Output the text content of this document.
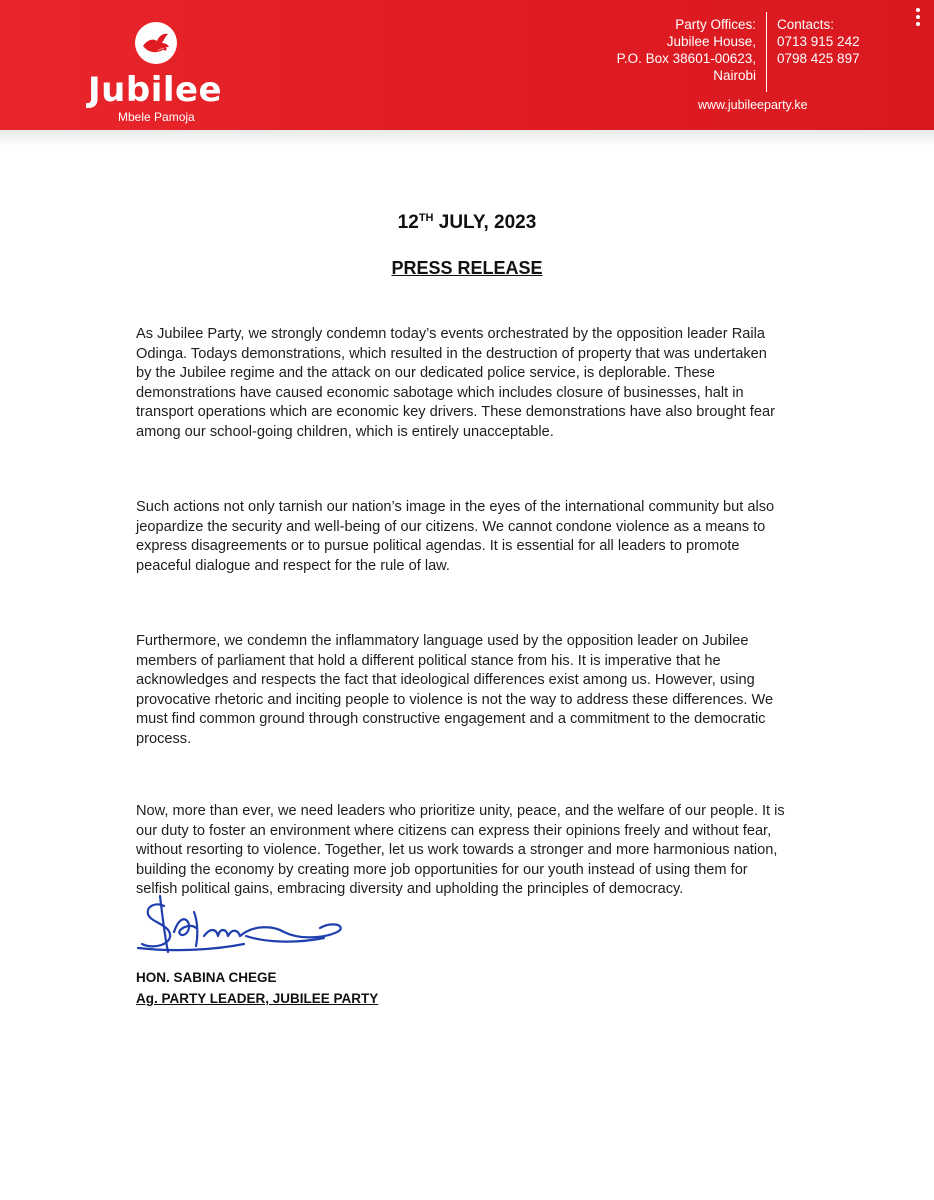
Jubilee
Mbele Pamoja
Party Offices:
Jubilee House,
P.O. Box 38601-00623,
Nairobi
Contacts:
0713 915 242
0798 425 897
www.jubileeparty.ke
12TH JULY, 2023
PRESS RELEASE
As Jubilee Party, we strongly condemn today’s events orchestrated by the opposition leader Raila
Odinga. Todays demonstrations, which resulted in the destruction of property that was undertaken
by the Jubilee regime and the attack on our dedicated police service, is deplorable. These
demonstrations have caused economic sabotage which includes closure of businesses, halt in
transport operations which are economic key drivers. These demonstrations have also brought fear
among our school-going children, which is entirely unacceptable.
Such actions not only tarnish our nation’s image in the eyes of the international community but also
jeopardize the security and well-being of our citizens. We cannot condone violence as a means to
express disagreements or to pursue political agendas. It is essential for all leaders to promote
peaceful dialogue and respect for the rule of law.
Furthermore, we condemn the inflammatory language used by the opposition leader on Jubilee
members of parliament that hold a different political stance from his. It is imperative that he
acknowledges and respects the fact that ideological differences exist among us. However, using
provocative rhetoric and inciting people to violence is not the way to address these differences. We
must find common ground through constructive engagement and a commitment to the democratic
process.
Now, more than ever, we need leaders who prioritize unity, peace, and the welfare of our people. It is
our duty to foster an environment where citizens can express their opinions freely and without fear,
without resorting to violence. Together, let us work towards a stronger and more harmonious nation,
building the economy by creating more job opportunities for our youth instead of using them for
selfish political gains, embracing diversity and upholding the principles of democracy.
HON. SABINA CHEGE
Ag. PARTY LEADER, JUBILEE PARTY
